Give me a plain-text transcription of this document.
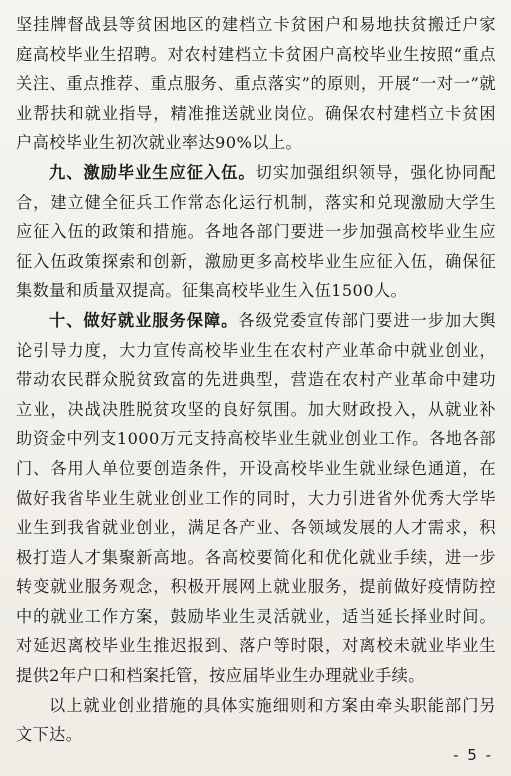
坚挂牌督战县等贫困地区的建档立卡贫困户和易地扶贫搬迁户家庭高校毕业生招聘。对农村建档立卡贫困户高校毕业生按照“重点关注、重点推荐、重点服务、重点落实”的原则，开展“一对一”就业帮扶和就业指导，精准推送就业岗位。确保农村建档立卡贫困户高校毕业生初次就业率达90%以上。

九、激励毕业生应征入伍。切实加强组织领导，强化协同配合，建立健全征兵工作常态化运行机制，落实和兑现激励大学生应征入伍的政策和措施。各地各部门要进一步加强高校毕业生应征入伍政策探索和创新，激励更多高校毕业生应征入伍，确保征集数量和质量双提高。征集高校毕业生入伍1500人。

十、做好就业服务保障。各级党委宣传部门要进一步加大舆论引导力度，大力宣传高校毕业生在农村产业革命中就业创业，带动农民群众脱贫致富的先进典型，营造在农村产业革命中建功立业，决战决胜脱贫攻坚的良好氛围。加大财政投入，从就业补助资金中列支1000万元支持高校毕业生就业创业工作。各地各部门、各用人单位要创造条件，开设高校毕业生就业绿色通道，在做好我省毕业生就业创业工作的同时，大力引进省外优秀大学毕业生到我省就业创业，满足各产业、各领域发展的人才需求，积极打造人才集聚新高地。各高校要简化和优化就业手续，进一步转变就业服务观念，积极开展网上就业服务，提前做好疫情防控中的就业工作方案，鼓励毕业生灵活就业，适当延长择业时间。对延迟离校毕业生推迟报到、落户等时限，对离校未就业毕业生提供2年户口和档案托管，按应届毕业生办理就业手续。

以上就业创业措施的具体实施细则和方案由牵头职能部门另文下达。

- 5 -
